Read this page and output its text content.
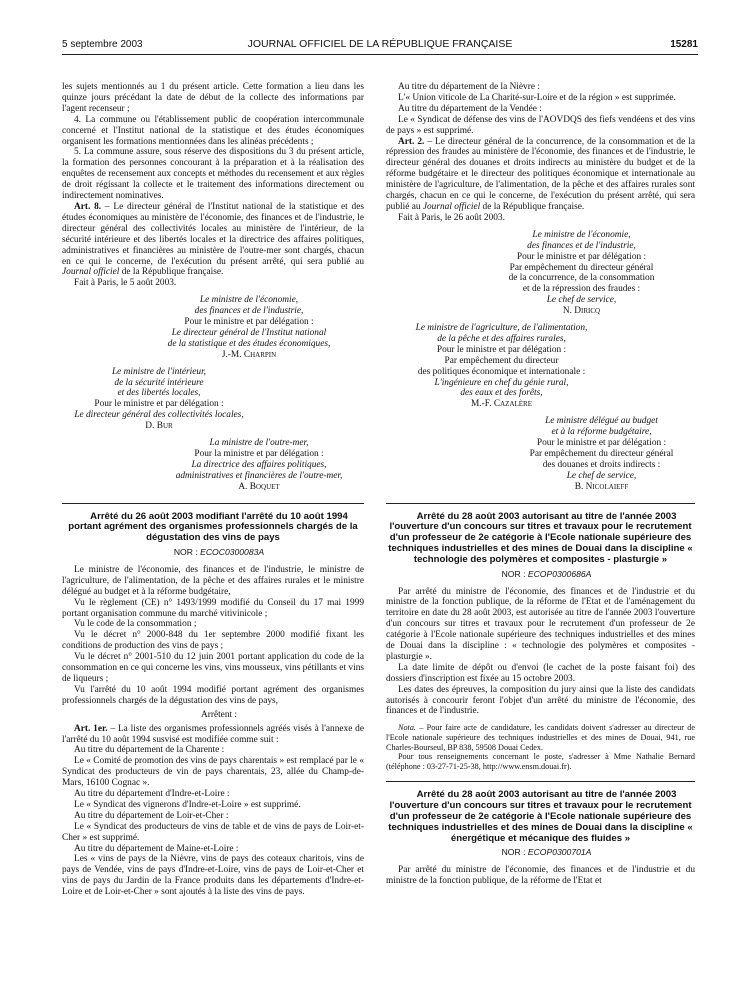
5 septembre 2003	JOURNAL OFFICIEL DE LA RÉPUBLIQUE FRANÇAISE	15281

les sujets mentionnés au 1 du présent article. Cette formation a lieu dans les quinze jours précédant la date de début de la collecte des informations par l'agent recenseur ;

4. La commune ou l'établissement public de coopération intercommunale concerné et l'Institut national de la statistique et des études économiques organisent les formations mentionnées dans les alinéas précédents ;

5. La commune assure, sous réserve des dispositions du 3 du présent article, la formation des personnes concourant à la préparation et à la réalisation des enquêtes de recensement aux concepts et méthodes du recensement et aux règles de droit régissant la collecte et le traitement des informations directement ou indirectement nominatives.

Art. 8. – Le directeur général de l'Institut national de la statistique et des études économiques au ministère de l'économie, des finances et de l'industrie, le directeur général des collectivités locales au ministère de l'intérieur, de la sécurité intérieure et des libertés locales et la directrice des affaires politiques, administratives et financières au ministère de l'outre-mer sont chargés, chacun en ce qui le concerne, de l'exécution du présent arrêté, qui sera publié au Journal officiel de la République française.

Fait à Paris, le 5 août 2003.

Le ministre de l'économie,

des finances et de l'industrie,

Pour le ministre et par délégation :

Le directeur général de l'Institut national

de la statistique et des études économiques,

J.-M. Charpin

Le ministre de l'intérieur,

de la sécurité intérieure

et des libertés locales,

Pour le ministre et par délégation :

Le directeur général des collectivités locales,

D. Bur

La ministre de l'outre-mer,

Pour la ministre et par délégation :

La directrice des affaires politiques,

administratives et financières de l'outre-mer,

A. Boquet

Arrêté du 26 août 2003 modifiant l'arrêté du 10 août 1994 portant agrément des organismes professionnels chargés de la dégustation des vins de pays

NOR : ECOC0300083A

Le ministre de l'économie, des finances et de l'industrie, le ministre de l'agriculture, de l'alimentation, de la pêche et des affaires rurales et le ministre délégué au budget et à la réforme budgétaire,

Vu le règlement (CE) n° 1493/1999 modifié du Conseil du 17 mai 1999 portant organisation commune du marché vitivinicole ;

Vu le code de la consommation ;

Vu le décret n° 2000-848 du 1er septembre 2000 modifié fixant les conditions de production des vins de pays ;

Vu le décret n° 2001-510 du 12 juin 2001 portant application du code de la consommation en ce qui concerne les vins, vins mousseux, vins pétillants et vins de liqueurs ;

Vu l'arrêté du 10 août 1994 modifié portant agrément des organismes professionnels chargés de la dégustation des vins de pays,

Arrêtent :

Art. 1er. – La liste des organismes professionnels agréés visés à l'annexe de l'arrêté du 10 août 1994 susvisé est modifiée comme suit :

Au titre du département de la Charente :

Le « Comité de promotion des vins de pays charentais » est remplacé par le « Syndicat des producteurs de vin de pays charentais, 23, allée du Champ-de-Mars, 16100 Cognac ».

Au titre du département d'Indre-et-Loire :

Le « Syndicat des vignerons d'Indre-et-Loire » est supprimé.

Au titre du département de Loir-et-Cher :

Le « Syndicat des producteurs de vins de table et de vins de pays de Loir-et-Cher » est supprimé.

Au titre du département de Maine-et-Loire :

Les « vins de pays de la Nièvre, vins de pays des coteaux charitois, vins de pays de Vendée, vins de pays d'Indre-et-Loire, vins de pays de Loir-et-Cher et vins de pays du Jardin de la France produits dans les départements d'Indre-et-Loire et de Loir-et-Cher » sont ajoutés à la liste des vins de pays.

Au titre du département de la Nièvre :

L'« Union viticole de La Charité-sur-Loire et de la région » est supprimée.

Au titre du département de la Vendée :

Le « Syndicat de défense des vins de l'AOVDQS des fiefs vendéens et des vins de pays » est supprimé.

Art. 2. – Le directeur général de la concurrence, de la consommation et de la répression des fraudes au ministère de l'économie, des finances et de l'industrie, le directeur général des douanes et droits indirects au ministère du budget et de la réforme budgétaire et le directeur des politiques économique et internationale au ministère de l'agriculture, de l'alimentation, de la pêche et des affaires rurales sont chargés, chacun en ce qui le concerne, de l'exécution du présent arrêté, qui sera publié au Journal officiel de la République française.

Fait à Paris, le 26 août 2003.

Le ministre de l'économie,

des finances et de l'industrie,

Pour le ministre et par délégation :

Par empêchement du directeur général

de la concurrence, de la consommation

et de la répression des fraudes :

Le chef de service,

N. Diricq

Le ministre de l'agriculture, de l'alimentation,

de la pêche et des affaires rurales,

Pour le ministre et par délégation :

Par empêchement du directeur

des politiques économique et internationale :

L'ingénieure en chef du génie rural,

des eaux et des forêts,

M.-F. Cazalère

Le ministre délégué au budget

et à la réforme budgétaire,

Pour le ministre et par délégation :

Par empêchement du directeur général

des douanes et droits indirects :

Le chef de service,

B. Nicolaieff

Arrêté du 28 août 2003 autorisant au titre de l'année 2003 l'ouverture d'un concours sur titres et travaux pour le recrutement d'un professeur de 2e catégorie à l'Ecole nationale supérieure des techniques industrielles et des mines de Douai dans la discipline « technologie des polymères et composites - plasturgie »

NOR : ECOP0300686A

Par arrêté du ministre de l'économie, des finances et de l'industrie et du ministre de la fonction publique, de la réforme de l'Etat et de l'aménagement du territoire en date du 28 août 2003, est autorisée au titre de l'année 2003 l'ouverture d'un concours sur titres et travaux pour le recrutement d'un professeur de 2e catégorie à l'Ecole nationale supérieure des techniques industrielles et des mines de Douai dans la discipline : « technologie des polymères et composites - plasturgie ».

La date limite de dépôt ou d'envoi (le cachet de la poste faisant foi) des dossiers d'inscription est fixée au 15 octobre 2003.

Les dates des épreuves, la composition du jury ainsi que la liste des candidats autorisés à concourir feront l'objet d'un arrêté du ministre de l'économie, des finances et de l'industrie.

Nota. – Pour faire acte de candidature, les candidats doivent s'adresser au directeur de l'Ecole nationale supérieure des techniques industrielles et des mines de Douai, 941, rue Charles-Bourseul, BP 838, 59508 Douai Cedex.

Pour tous renseignements concernant le poste, s'adresser à Mme Nathalie Bernard (téléphone : 03-27-71-25-38, http://www.ensm.douai.fr).

Arrêté du 28 août 2003 autorisant au titre de l'année 2003 l'ouverture d'un concours sur titres et travaux pour le recrutement d'un professeur de 2e catégorie à l'Ecole nationale supérieure des techniques industrielles et des mines de Douai dans la discipline « énergétique et mécanique des fluides »

NOR : ECOP0300701A

Par arrêté du ministre de l'économie, des finances et de l'industrie et du ministre de la fonction publique, de la réforme de l'Etat et
